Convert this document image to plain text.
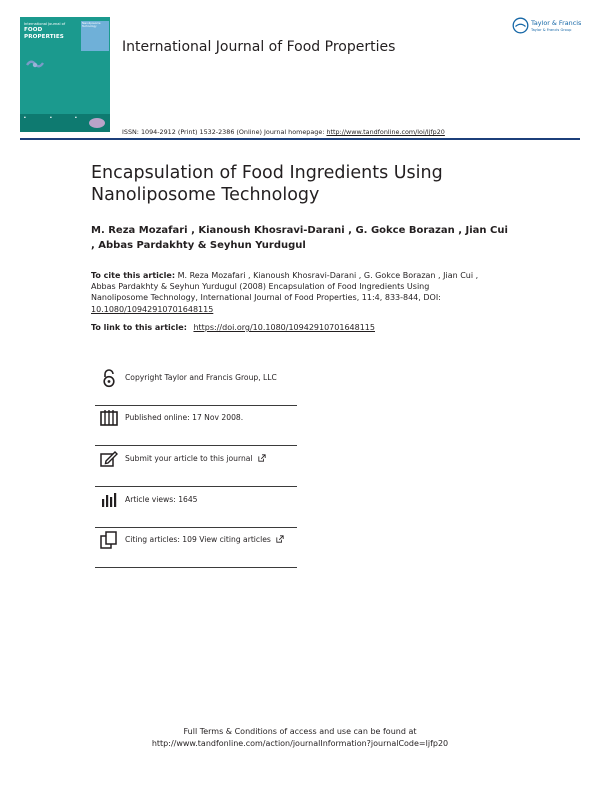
International Journal of
FOOD PROPERTIES
Nanoliposome Technology
▪	▪	▪
Taylor & Francis
Taylor & Francis Group
International Journal of Food Properties
ISSN: 1094-2912 (Print) 1532-2386 (Online) Journal homepage: http://www.tandfonline.com/loi/ljfp20
Encapsulation of Food Ingredients Using Nanoliposome Technology
M. Reza Mozafari , Kianoush Khosravi-Darani , G. Gokce Borazan , Jian Cui , Abbas Pardakhty & Seyhun Yurdugul
To cite this article: M. Reza Mozafari , Kianoush Khosravi-Darani , G. Gokce Borazan , Jian Cui , Abbas Pardakhty & Seyhun Yurdugul (2008) Encapsulation of Food Ingredients Using Nanoliposome Technology, International Journal of Food Properties, 11:4, 833-844, DOI: 10.1080/10942910701648115
To link to this article: https://doi.org/10.1080/10942910701648115
Copyright Taylor and Francis Group, LLC
Published online: 17 Nov 2008.
Submit your article to this journal
Article views: 1645
Citing articles: 109 View citing articles
Full Terms & Conditions of access and use can be found at
http://www.tandfonline.com/action/journalInformation?journalCode=ljfp20
